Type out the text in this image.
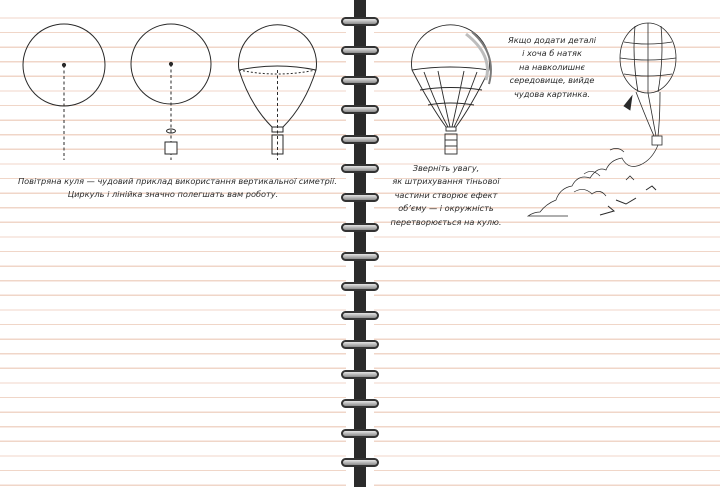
Повітряна куля — чудовий приклад використання вертикальної симетрії.
Циркуль і лінійка значно полегшать вам роботу.
Зверніть увагу,
як штрихування тіньової
частини створює ефект
об’єму — і окружність
перетворюється на кулю.
Якщо додати деталі
і хоча б натяк
на навколишнє
середовище, вийде
чудова картинка.
